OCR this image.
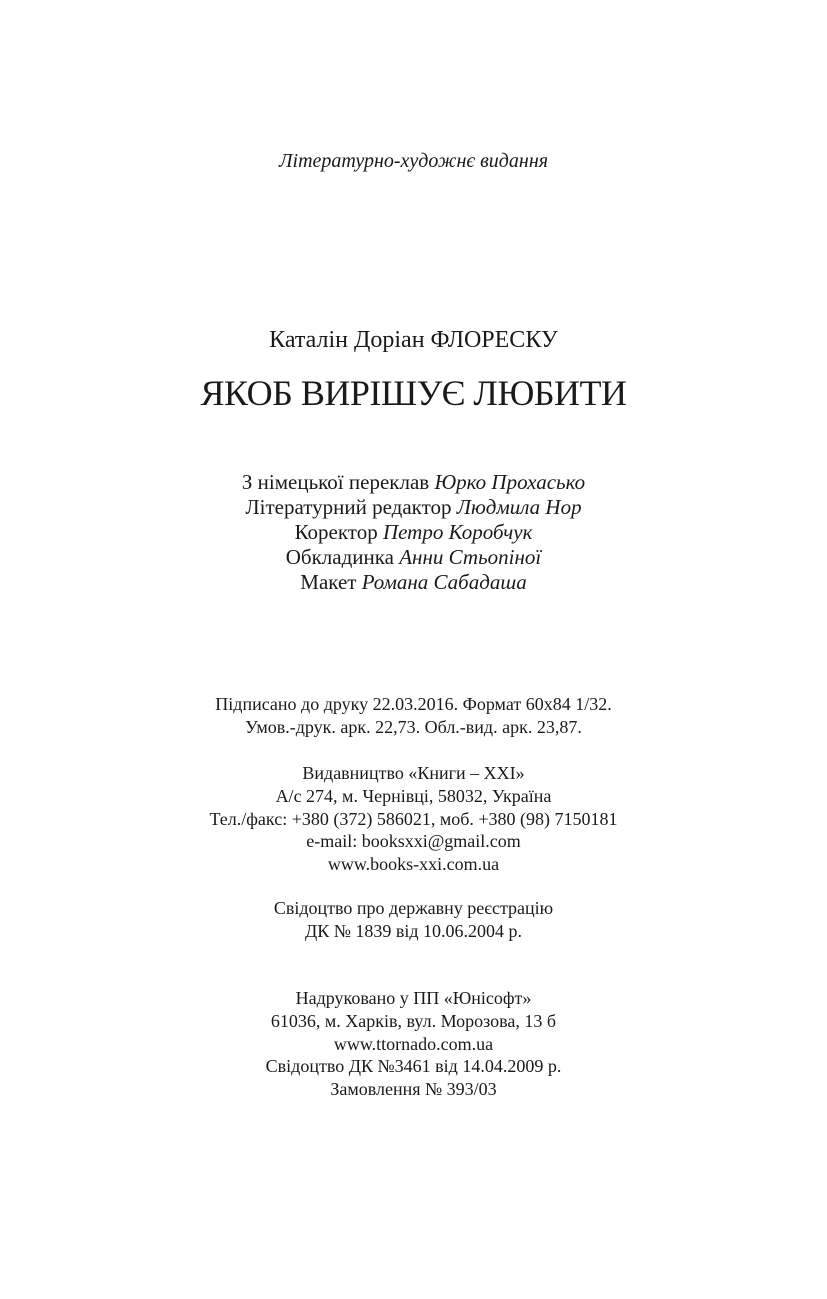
Літературно-художнє видання
Каталін Доріан ФЛОРЕСКУ
ЯКОБ ВИРІШУЄ ЛЮБИТИ
З німецької переклав Юрко Прохасько
Літературний редактор Людмила Нор
Коректор Петро Коробчук
Обкладинка Анни Стьопіної
Макет Романа Сабадаша
Підписано до друку 22.03.2016. Формат 60x84 1/32.
Умов.-друк. арк. 22,73. Обл.-вид. арк. 23,87.
Видавництво «Книги – ХХІ»
А/с 274, м. Чернівці, 58032, Україна
Тел./факс: +380 (372) 586021, моб. +380 (98) 7150181
e-mail: booksxxi@gmail.com
www.books-xxi.com.ua
Свідоцтво про державну реєстрацію
ДК № 1839 від 10.06.2004 р.
Надруковано у ПП «Юнісофт»
61036, м. Харків, вул. Морозова, 13 б
www.ttornado.com.ua
Свідоцтво ДК №3461 від 14.04.2009 р.
Замовлення № 393/03
